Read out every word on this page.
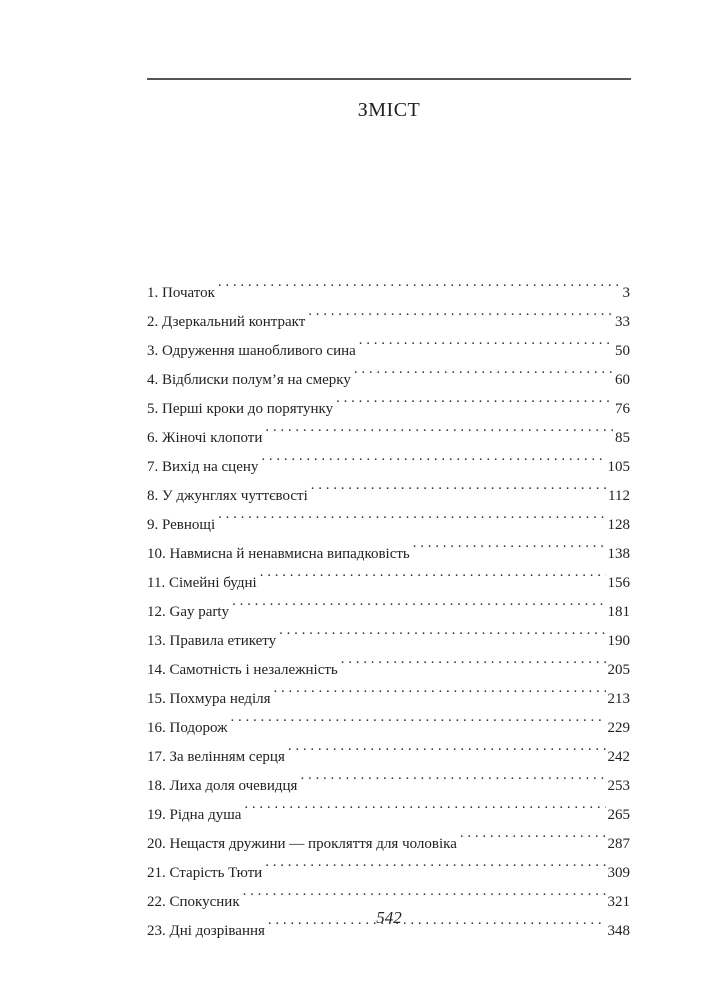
ЗМІСТ
1. Початок . . .	3
2. Дзеркальний контракт . . .	33
3. Одруження шанобливого сина . . .	50
4. Відблиски полум’я на смерку . . .	60
5. Перші кроки до порятунку . . .	76
6. Жіночі клопоти . . .	85
7. Вихід на сцену . . .	105
8. У джунглях чуттєвості . . .	112
9. Ревнощі . . .	128
10. Навмисна й ненавмисна випадковість . . .	138
11. Сімейні будні . . .	156
12. Gay party . . .	181
13. Правила етикету . . .	190
14. Самотність і незалежність . . .	205
15. Похмура неділя . . .	213
16. Подорож . . .	229
17. За велінням серця . . .	242
18. Лиха доля очевидця . . .	253
19. Рідна душа . . .	265
20. Нещастя дружини — прокляття для чоловіка . . .	287
21. Старість Тюти . . .	309
22. Спокусник . . .	321
23. Дні дозрівання . . .	348
542
